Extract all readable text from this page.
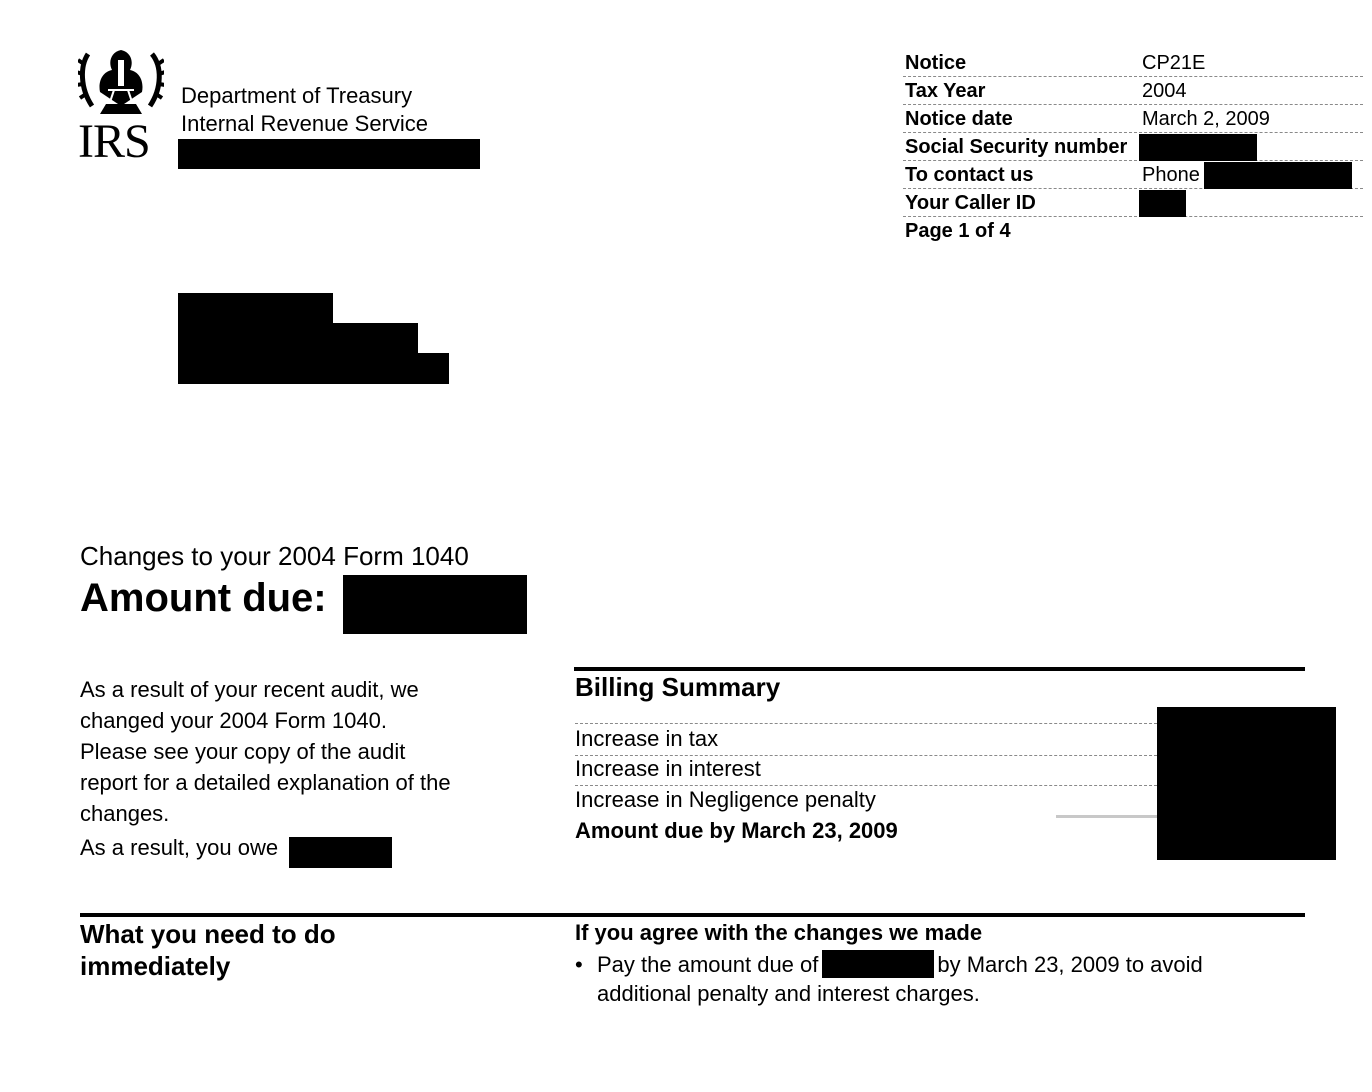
IRS
Department of Treasury
Internal Revenue Service
Notice	CP21E
Tax Year	2004
Notice date	March 2, 2009
Social Security number
To contact us	Phone
Your Caller ID
Page 1 of 4
Changes to your 2004 Form 1040
Amount due:
As a result of your recent audit, we
changed your 2004 Form 1040.
Please see your copy of the audit
report for a detailed explanation of the
changes.
As a result, you owe
Billing Summary
Increase in tax
Increase in interest
Increase in Negligence penalty
Amount due by March 23, 2009
What you need to do
immediately
If you agree with the changes we made
• Pay the amount due of	by March 23, 2009 to avoid
additional penalty and interest charges.
